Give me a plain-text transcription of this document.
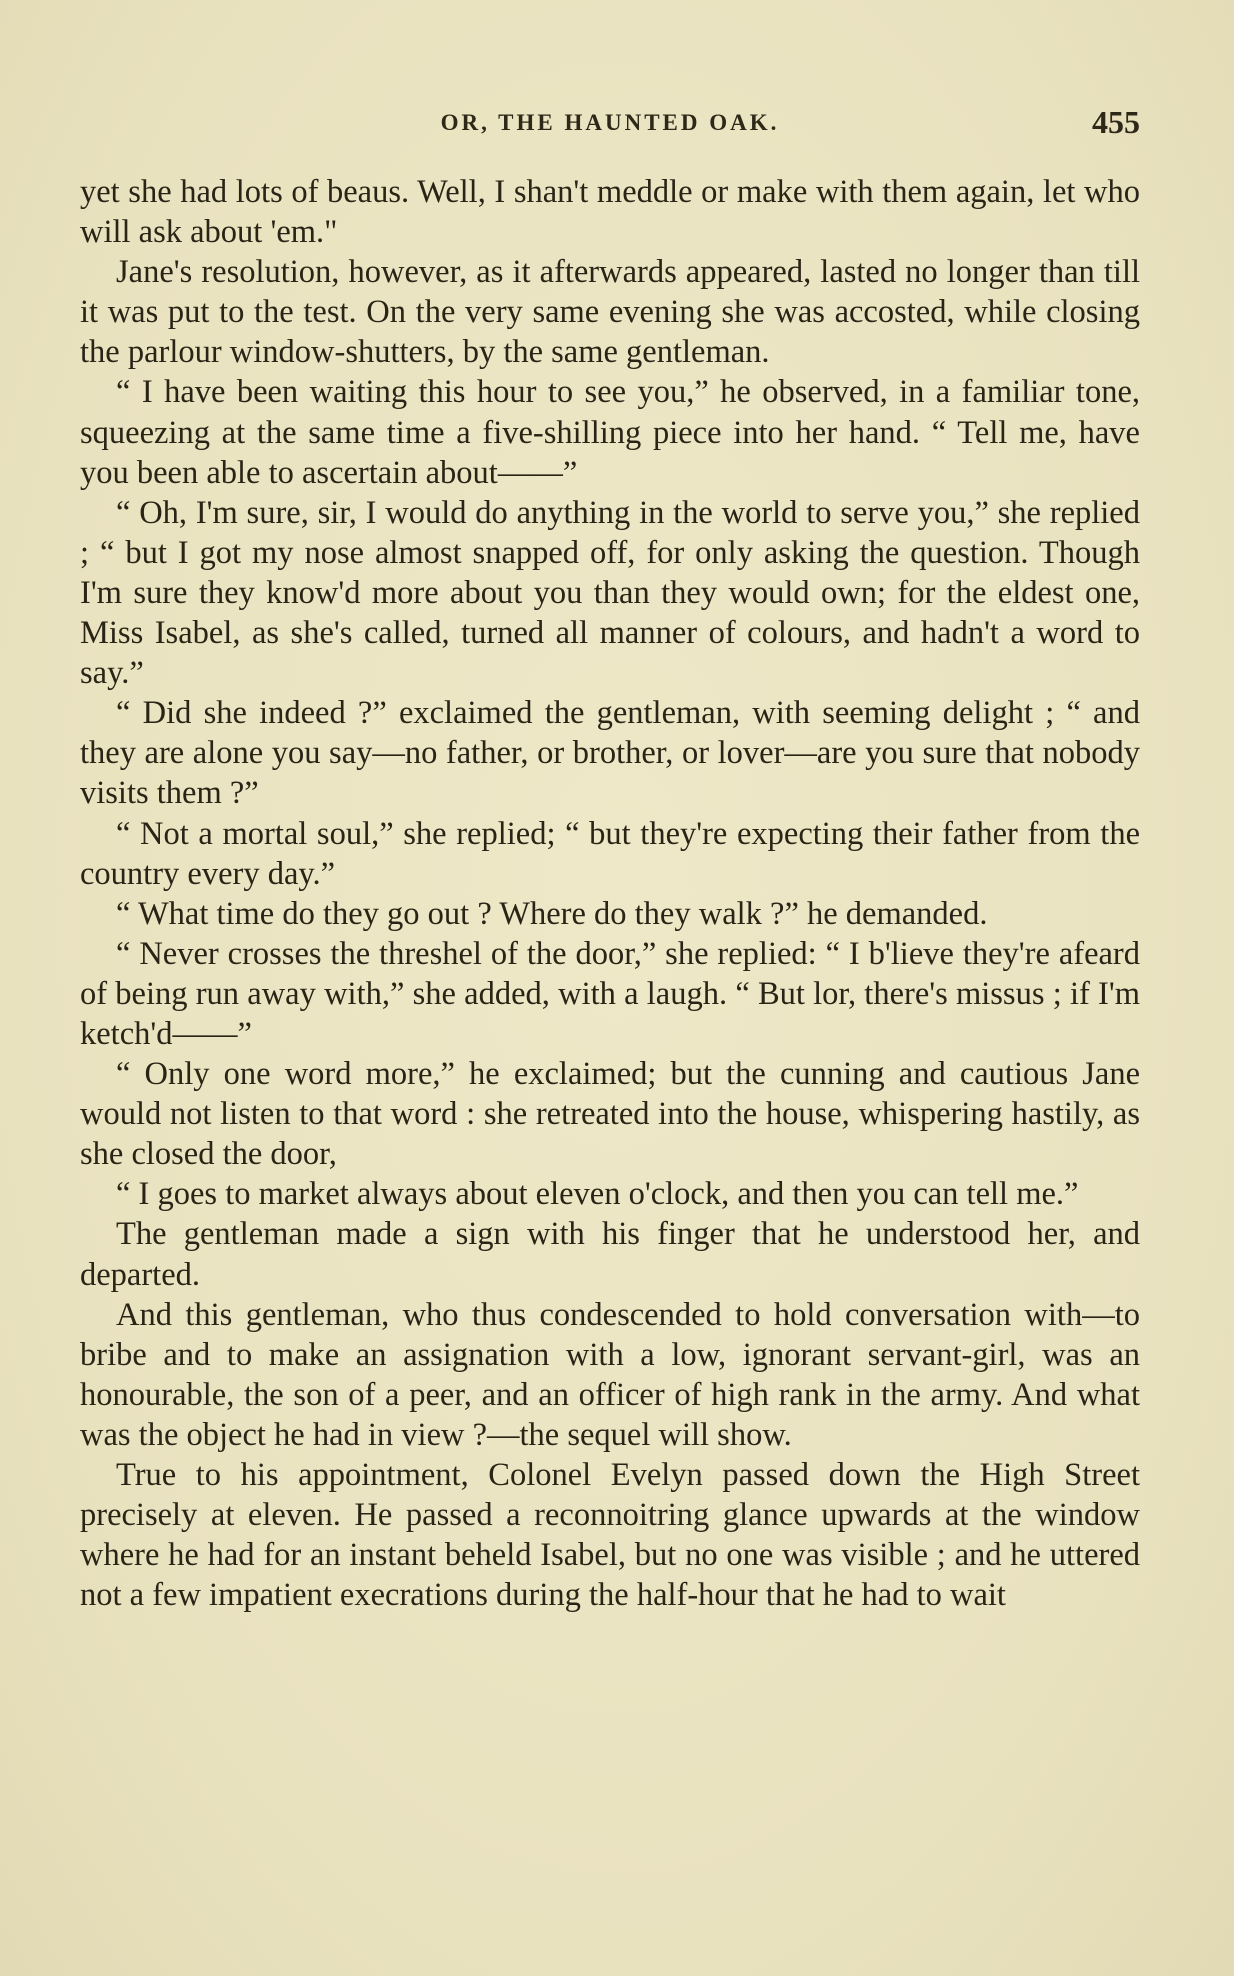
OR, THE HAUNTED OAK.	455

yet she had lots of beaus. Well, I shan't meddle or make with them again, let who will ask about 'em."

Jane's resolution, however, as it afterwards appeared, lasted no longer than till it was put to the test. On the very same evening she was accosted, while closing the parlour window-shutters, by the same gentleman.

“ I have been waiting this hour to see you,” he observed, in a familiar tone, squeezing at the same time a five-shilling piece into her hand. “ Tell me, have you been able to ascertain about——”

“ Oh, I'm sure, sir, I would do anything in the world to serve you,” she replied ; “ but I got my nose almost snapped off, for only asking the question. Though I'm sure they know'd more about you than they would own; for the eldest one, Miss Isabel, as she's called, turned all manner of colours, and hadn't a word to say.”

“ Did she indeed ?” exclaimed the gentleman, with seeming delight ; “ and they are alone you say—no father, or brother, or lover—are you sure that nobody visits them ?”

“ Not a mortal soul,” she replied; “ but they're expecting their father from the country every day.”

“ What time do they go out ? Where do they walk ?” he demanded.

“ Never crosses the threshel of the door,” she replied: “ I b'lieve they're afeard of being run away with,” she added, with a laugh. “ But lor, there's missus ; if I'm ketch'd——”

“ Only one word more,” he exclaimed; but the cunning and cautious Jane would not listen to that word : she retreated into the house, whispering hastily, as she closed the door,

“ I goes to market always about eleven o'clock, and then you can tell me.”

The gentleman made a sign with his finger that he understood her, and departed.

And this gentleman, who thus condescended to hold conversation with—to bribe and to make an assignation with a low, ignorant servant-girl, was an honourable, the son of a peer, and an officer of high rank in the army. And what was the object he had in view ?—the sequel will show.

True to his appointment, Colonel Evelyn passed down the High Street precisely at eleven. He passed a reconnoitring glance upwards at the window where he had for an instant beheld Isabel, but no one was visible ; and he uttered not a few impatient execrations during the half-hour that he had to wait
